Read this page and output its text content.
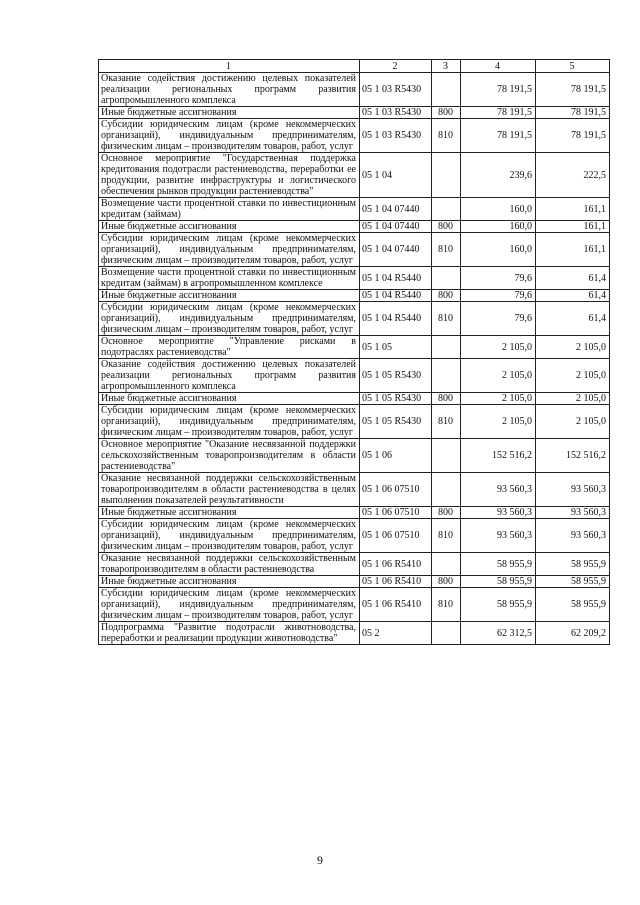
1	2	3	4	5
Оказание содействия достижению целевых показателей реализации региональных программ развития агропромышленного комплекса	05 1 03 R5430		78 191,5	78 191,5
Иные бюджетные ассигнования	05 1 03 R5430	800	78 191,5	78 191,5
Субсидии юридическим лицам (кроме некоммерческих организаций), индивидуальным предпринимателям, физическим лицам – производителям товаров, работ, услуг	05 1 03 R5430	810	78 191,5	78 191,5
Основное мероприятие "Государственная поддержка кредитования подотрасли растениеводства, переработки ее продукции, развитие инфраструктуры и логистического обеспечения рынков продукции растениеводства"	05 1 04		239,6	222,5
Возмещение части процентной ставки по инвестиционным кредитам (займам)	05 1 04 07440		160,0	161,1
Иные бюджетные ассигнования	05 1 04 07440	800	160,0	161,1
Субсидии юридическим лицам (кроме некоммерческих организаций), индивидуальным предпринимателям, физическим лицам – производителям товаров, работ, услуг	05 1 04 07440	810	160,0	161,1
Возмещение части процентной ставки по инвестиционным кредитам (займам) в агропромышленном комплексе	05 1 04 R5440		79,6	61,4
Иные бюджетные ассигнования	05 1 04 R5440	800	79,6	61,4
Субсидии юридическим лицам (кроме некоммерческих организаций), индивидуальным предпринимателям, физическим лицам – производителям товаров, работ, услуг	05 1 04 R5440	810	79,6	61,4
Основное мероприятие "Управление рисками в подотраслях растениеводства"	05 1 05		2 105,0	2 105,0
Оказание содействия достижению целевых показателей реализации региональных программ развития агропромышленного комплекса	05 1 05 R5430		2 105,0	2 105,0
Иные бюджетные ассигнования	05 1 05 R5430	800	2 105,0	2 105,0
Субсидии юридическим лицам (кроме некоммерческих организаций), индивидуальным предпринимателям, физическим лицам – производителям товаров, работ, услуг	05 1 05 R5430	810	2 105,0	2 105,0
Основное мероприятие "Оказание несвязанной поддержки сельскохозяйственным товаропроизводителям в области растениеводства"	05 1 06		152 516,2	152 516,2
Оказание несвязанной поддержки сельскохозяйственным товаропроизводителям в области растениеводства в целях выполнения показателей результативности	05 1 06 07510		93 560,3	93 560,3
Иные бюджетные ассигнования	05 1 06 07510	800	93 560,3	93 560,3
Субсидии юридическим лицам (кроме некоммерческих организаций), индивидуальным предпринимателям, физическим лицам – производителям товаров, работ, услуг	05 1 06 07510	810	93 560,3	93 560,3
Оказание несвязанной поддержки сельскохозяйственным товаропроизводителям в области растениеводства	05 1 06 R5410		58 955,9	58 955,9
Иные бюджетные ассигнования	05 1 06 R5410	800	58 955,9	58 955,9
Субсидии юридическим лицам (кроме некоммерческих организаций), индивидуальным предпринимателям, физическим лицам – производителям товаров, работ, услуг	05 1 06 R5410	810	58 955,9	58 955,9
Подпрограмма "Развитие подотрасли животноводства, переработки и реализации продукции животноводства"	05 2		62 312,5	62 209,2
9
